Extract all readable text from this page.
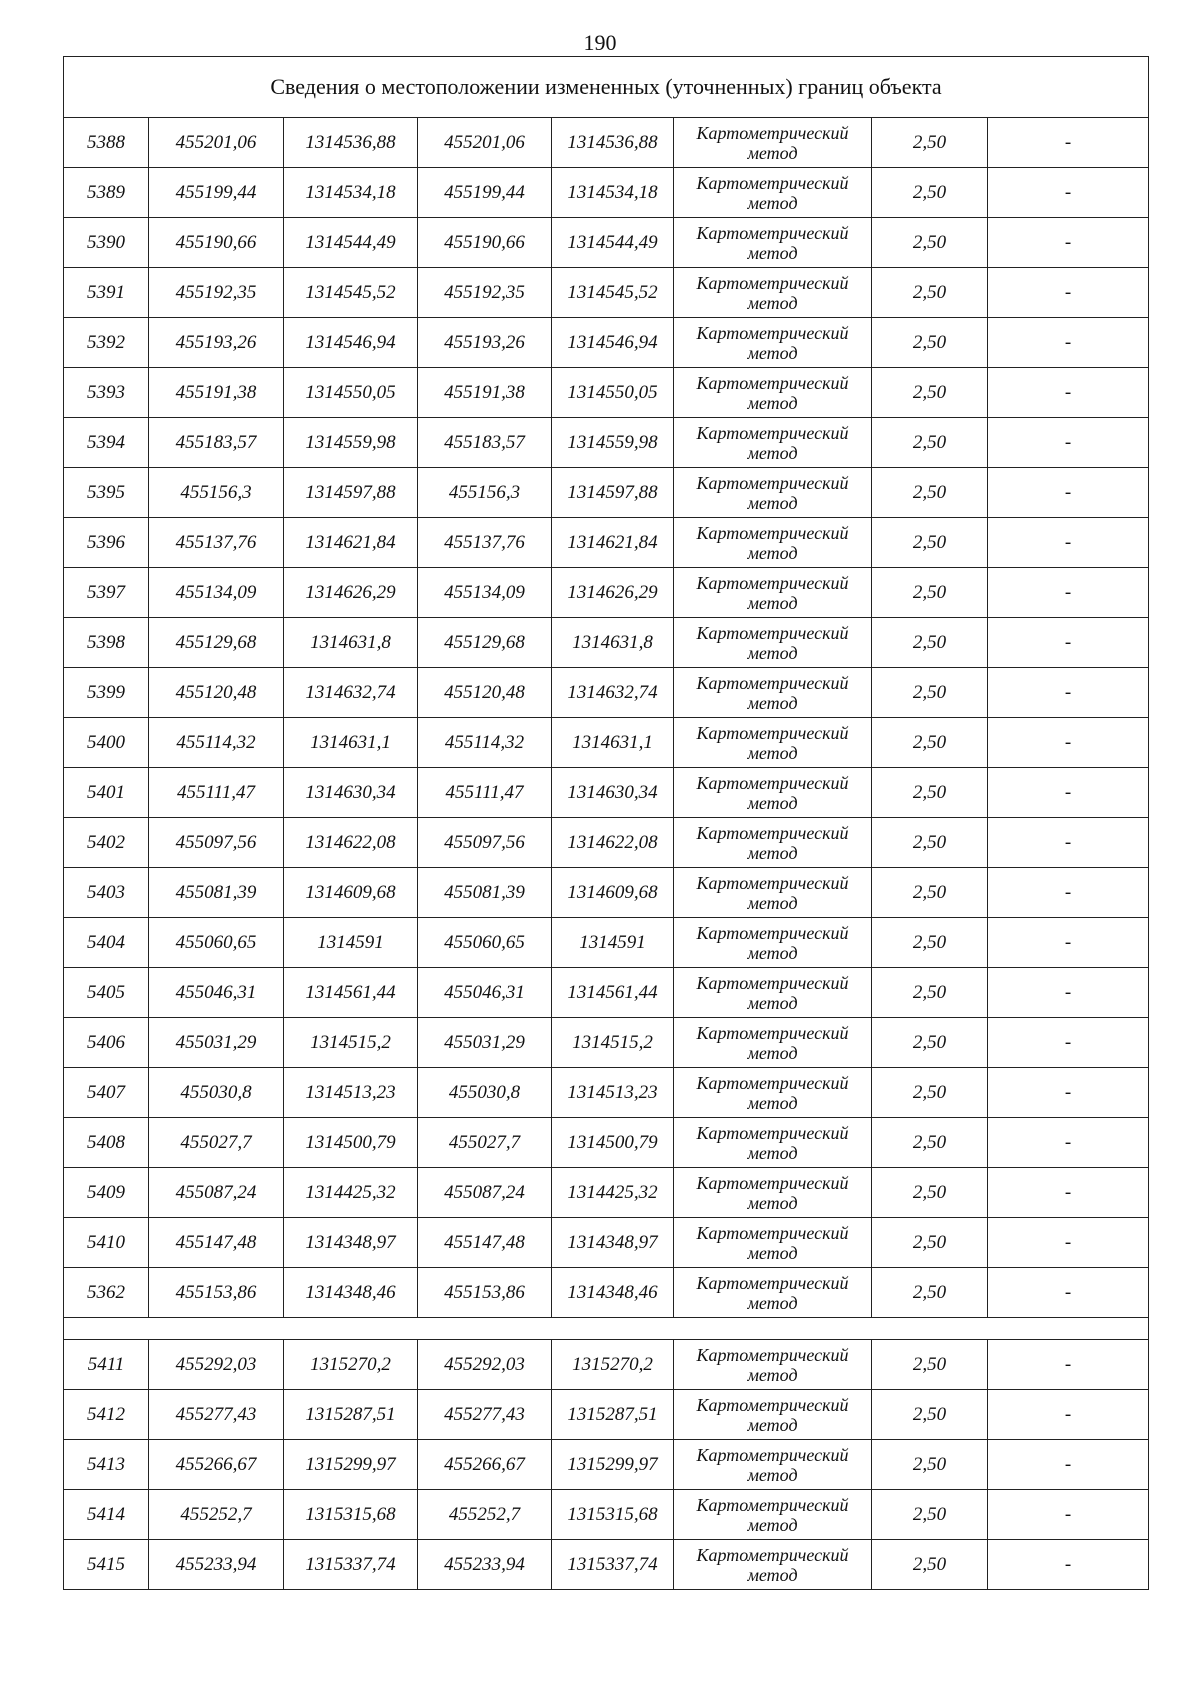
190
Сведения о местоположении измененных (уточненных) границ объекта							
5388	455201,06	1314536,88	455201,06	1314536,88	Картометрический
метод	2,50	-
5389	455199,44	1314534,18	455199,44	1314534,18	Картометрический
метод	2,50	-
5390	455190,66	1314544,49	455190,66	1314544,49	Картометрический
метод	2,50	-
5391	455192,35	1314545,52	455192,35	1314545,52	Картометрический
метод	2,50	-
5392	455193,26	1314546,94	455193,26	1314546,94	Картометрический
метод	2,50	-
5393	455191,38	1314550,05	455191,38	1314550,05	Картометрический
метод	2,50	-
5394	455183,57	1314559,98	455183,57	1314559,98	Картометрический
метод	2,50	-
5395	455156,3	1314597,88	455156,3	1314597,88	Картометрический
метод	2,50	-
5396	455137,76	1314621,84	455137,76	1314621,84	Картометрический
метод	2,50	-
5397	455134,09	1314626,29	455134,09	1314626,29	Картометрический
метод	2,50	-
5398	455129,68	1314631,8	455129,68	1314631,8	Картометрический
метод	2,50	-
5399	455120,48	1314632,74	455120,48	1314632,74	Картометрический
метод	2,50	-
5400	455114,32	1314631,1	455114,32	1314631,1	Картометрический
метод	2,50	-
5401	455111,47	1314630,34	455111,47	1314630,34	Картометрический
метод	2,50	-
5402	455097,56	1314622,08	455097,56	1314622,08	Картометрический
метод	2,50	-
5403	455081,39	1314609,68	455081,39	1314609,68	Картометрический
метод	2,50	-
5404	455060,65	1314591	455060,65	1314591	Картометрический
метод	2,50	-
5405	455046,31	1314561,44	455046,31	1314561,44	Картометрический
метод	2,50	-
5406	455031,29	1314515,2	455031,29	1314515,2	Картометрический
метод	2,50	-
5407	455030,8	1314513,23	455030,8	1314513,23	Картометрический
метод	2,50	-
5408	455027,7	1314500,79	455027,7	1314500,79	Картометрический
метод	2,50	-
5409	455087,24	1314425,32	455087,24	1314425,32	Картометрический
метод	2,50	-
5410	455147,48	1314348,97	455147,48	1314348,97	Картометрический
метод	2,50	-
5362	455153,86	1314348,46	455153,86	1314348,46	Картометрический
метод	2,50	-

5411	455292,03	1315270,2	455292,03	1315270,2	Картометрический
метод	2,50	-
5412	455277,43	1315287,51	455277,43	1315287,51	Картометрический
метод	2,50	-
5413	455266,67	1315299,97	455266,67	1315299,97	Картометрический
метод	2,50	-
5414	455252,7	1315315,68	455252,7	1315315,68	Картометрический
метод	2,50	-
5415	455233,94	1315337,74	455233,94	1315337,74	Картометрический
метод	2,50	-
